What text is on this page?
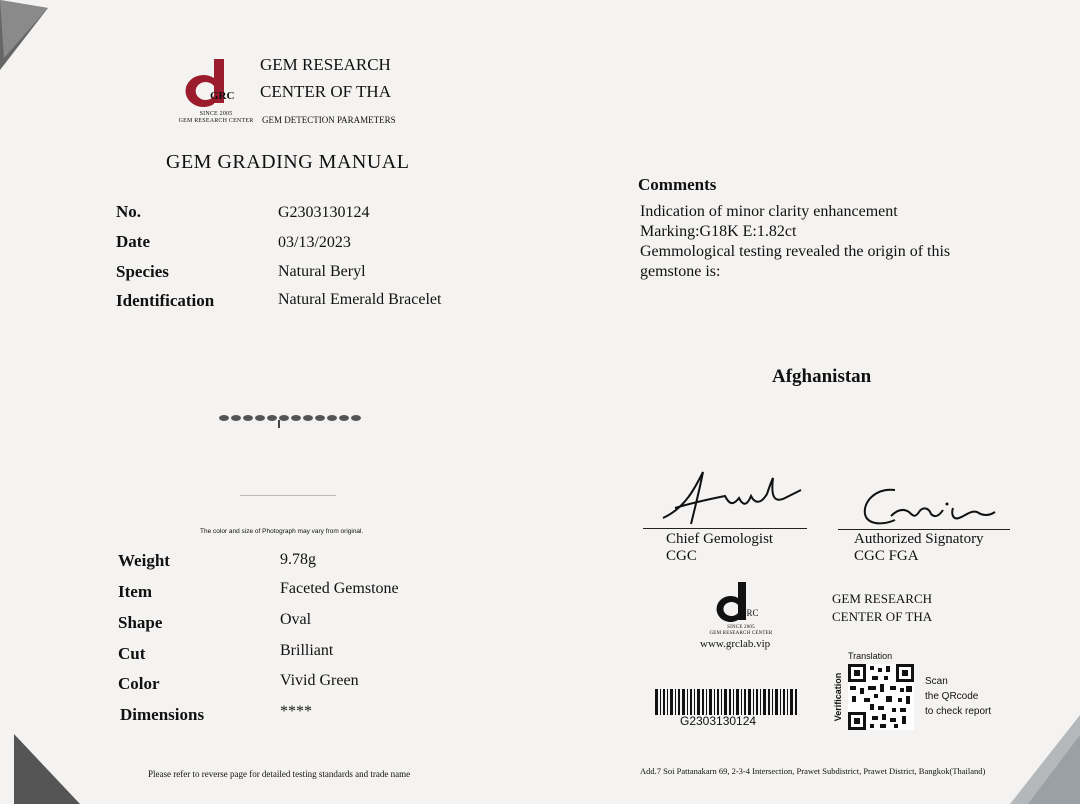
GRC
SINCE 2005
GEM RESEARCH CENTER
GEM RESEARCH
CENTER OF THA
GEM DETECTION PARAMETERS
GEM GRADING MANUAL
No.	G2303130124
Date	03/13/2023
Species	Natural Beryl
Identification	Natural Emerald Bracelet
The color and size of Photograph may vary from original.
Weight	9.78g
Item	Faceted Gemstone
Shape	Oval
Cut	Brilliant
Color	Vivid Green
Dimensions	****
Please refer to reverse page for detailed testing standards and trade name
Comments
Indication of minor clarity enhancement
Marking:G18K E:1.82ct
Gemmological testing revealed the origin of this
gemstone is:
Afghanistan
Chief Gemologist
CGC
Authorized Signatory
CGC FGA
GRC
SINCE 2005
GEM RESEARCH CENTER
www.grclab.vip
GEM RESEARCH
CENTER OF THA
G2303130124
Translation
Verification	Scan
the QRcode
to check report
Add.7 Soi Pattanakarn 69, 2-3-4 Intersection, Prawet Subdistrict, Prawet District, Bangkok(Thailand)
